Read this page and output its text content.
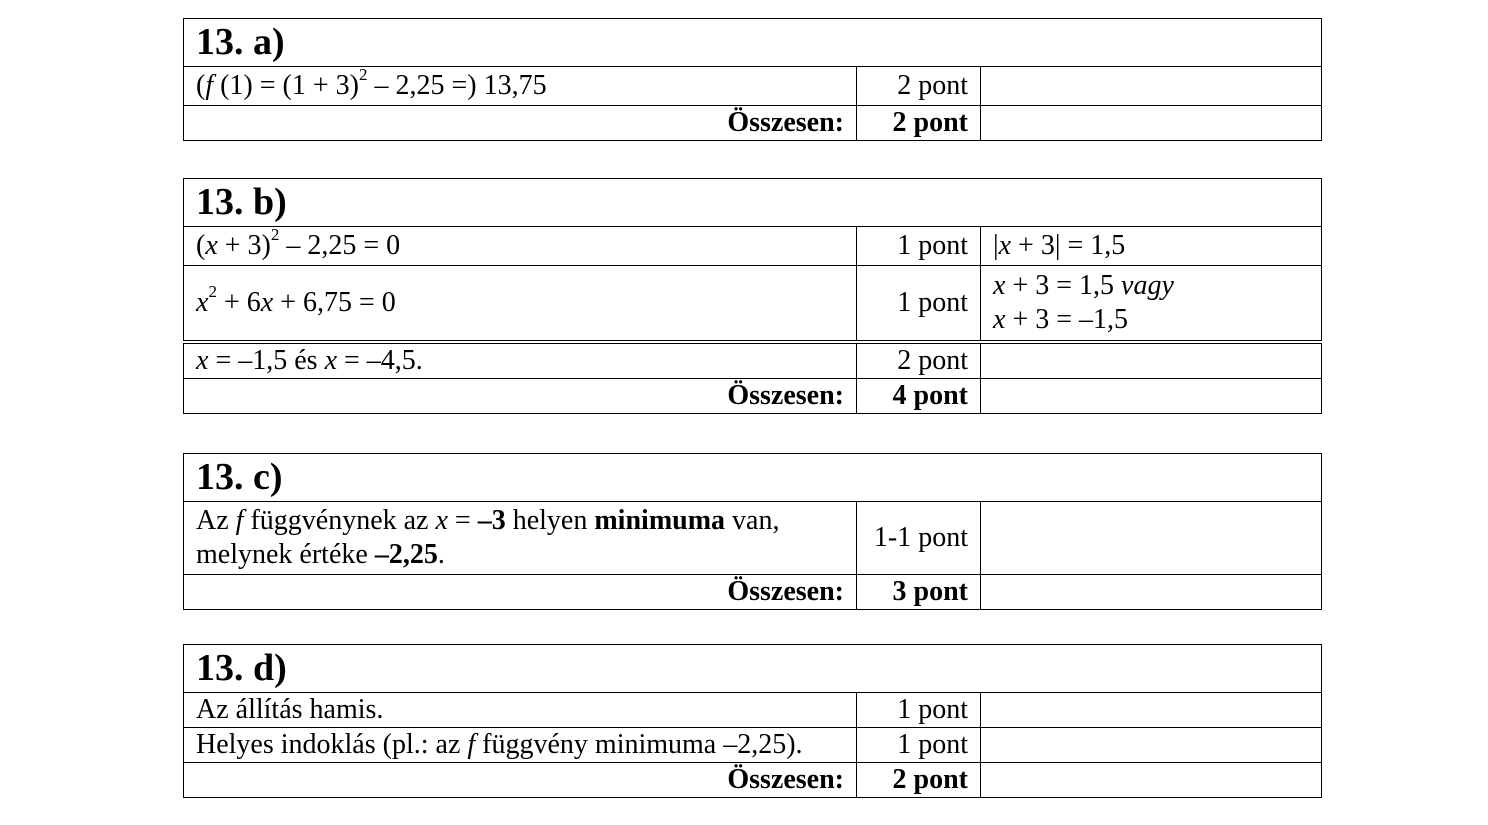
13. a)		
(f $(1) = (1 + 3)^2 - 2,25$ =) 13,75	2 pont	
Összesen:	2 pont	
13. b)		
$(x + 3)^2 - 2,25 = 0$	1 pont	|x + 3| = 1,5
$x^2 + 6x + 6,75 = 0$	1 pont	x + 3 = 1,5 vagy
x + 3 = –1,5

x = –1,5 és x = –4,5.	2 pont	
Összesen:	4 pont	
13. c)		

Az f függvénynek az x = –3 helyen minimuma van,
melynek értéke –2,25.	1-1 pont	
Összesen:	3 pont	
13. d)		
Az állítás hamis.	1 pont	
Helyes indoklás (pl.: az f függvény minimuma –2,25).	1 pont	
Összesen:	2 pont	
